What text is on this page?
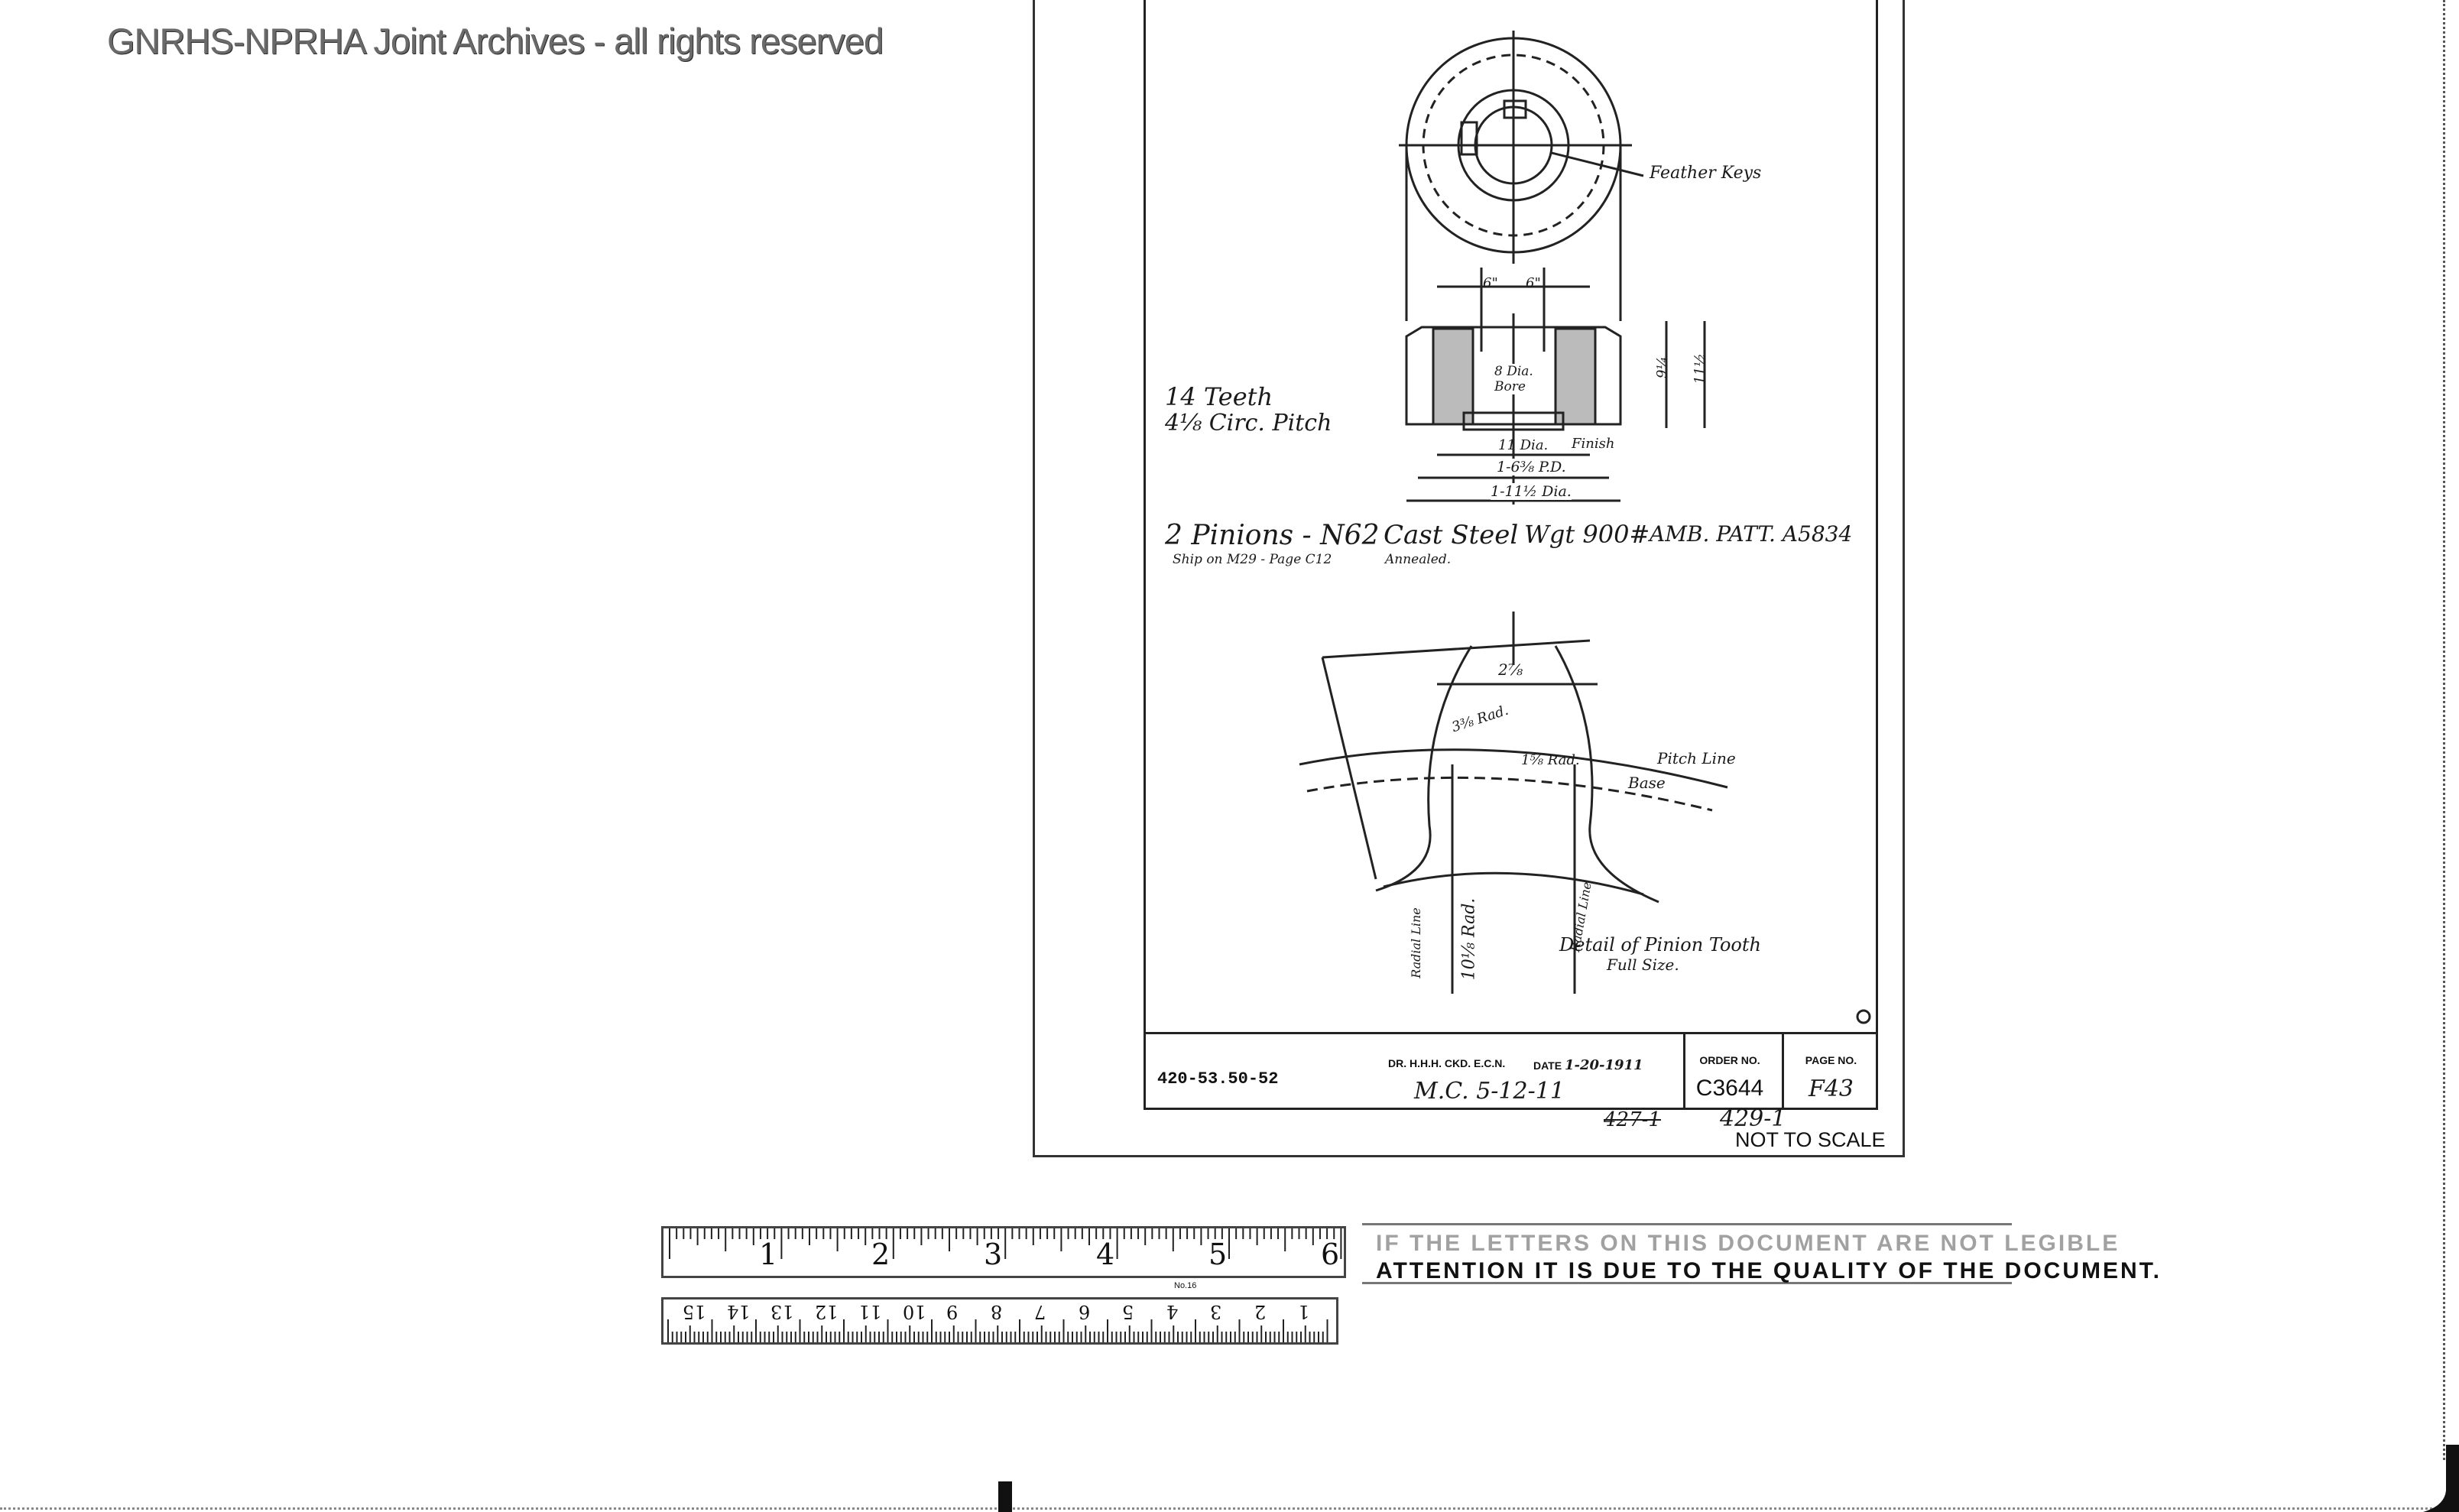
GNRHS-NPRHA Joint Archives - all rights reserved
14 Teeth
4⅛ Circ. Pitch
Feather Keys
6" 6"
8 Dia. Bore
Finish
11 Dia.
1-6⅜ P.D.
1-11½ Dia.
9¼ 11½
2 Pinions - N62 Cast Steel Wgt 900# AMB. PATT. A5834
Ship on M29 - Page C12	Annealed.
2⅞
3⅜ Rad.
1⅝ Rad.	Pitch Line
Base
10⅛ Rad.
Radial Line	Radial Line
Detail of Pinion Tooth
Full Size.
420-53.50-52
DR. H.H.H. CKD. E.C.N.	DATE 1-20-1911	ORDER NO.
C3644
PAGE NO.
F43
M.C. 5-12-11
427-1	429-1
NOT TO SCALE
1	2	3	4	5	6
No.16
1
2
3
4
5
6
7
8
9
10
11
12
13
14
15
IF THE LETTERS ON THIS DOCUMENT ARE NOT LEGIBLE
ATTENTION IT IS DUE TO THE QUALITY OF THE DOCUMENT.
